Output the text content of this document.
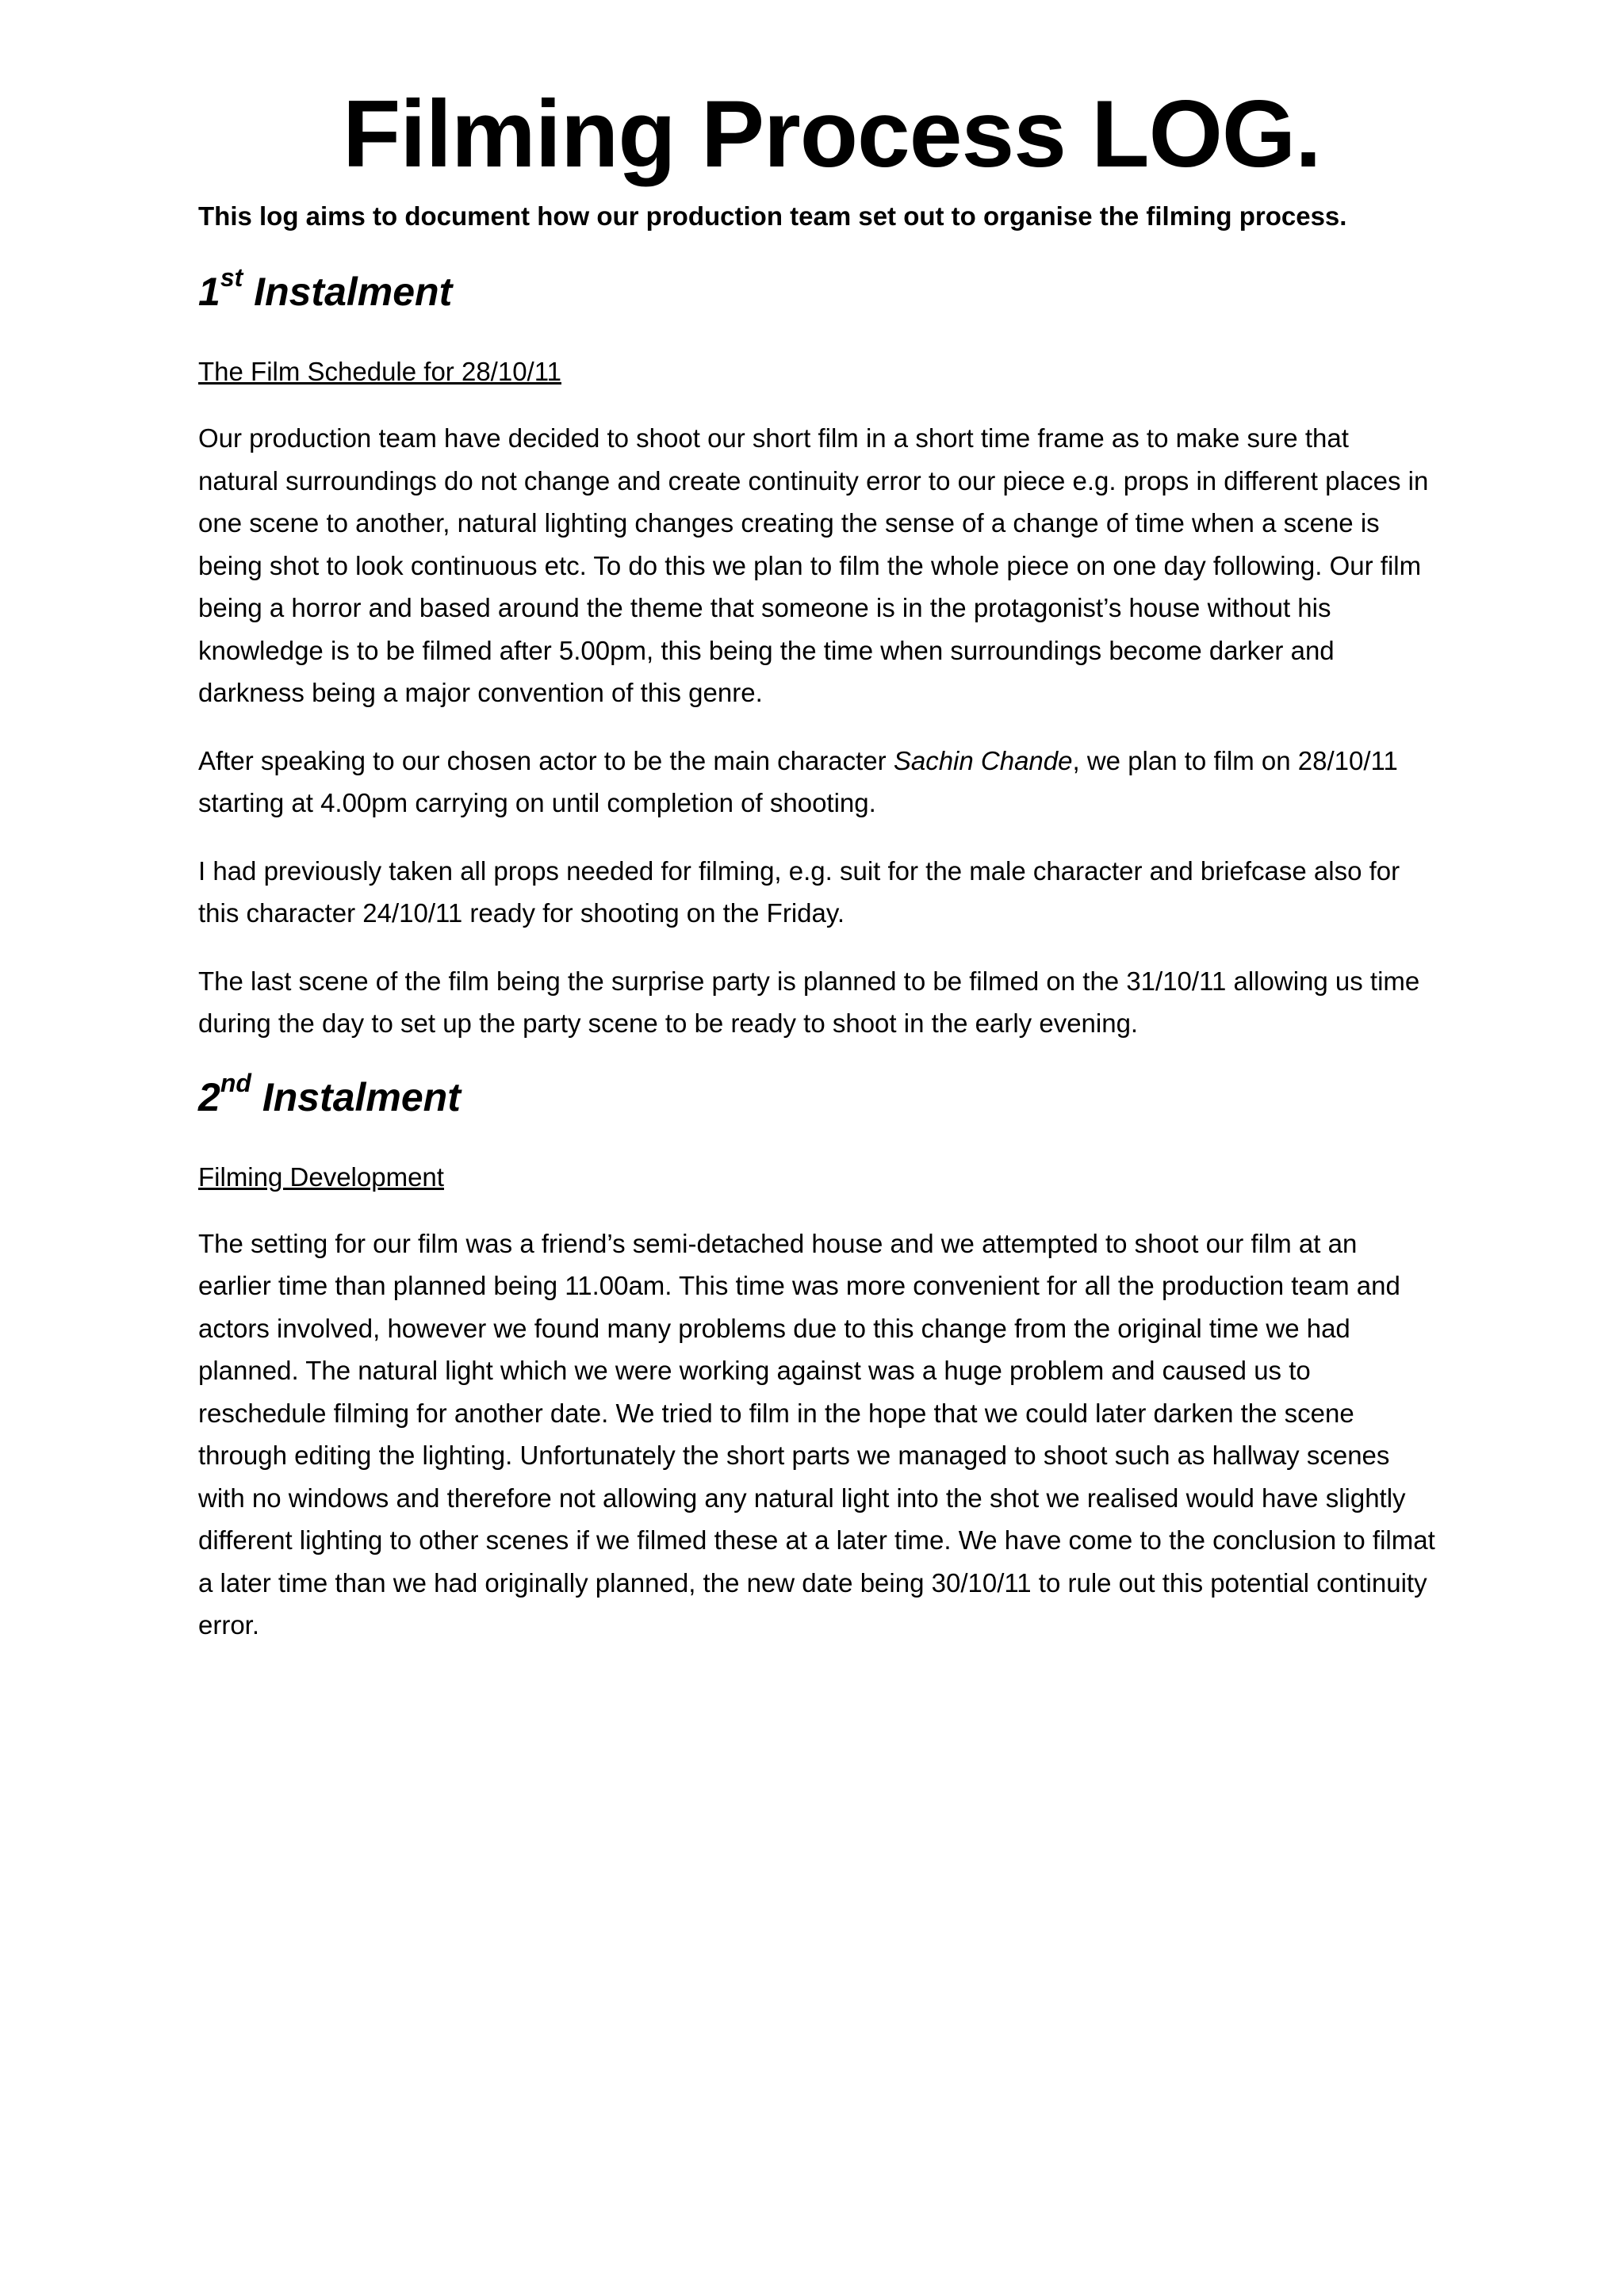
Filming Process LOG.

This log aims to document how our production team set out to organise the filming process.

1st Instalment

The Film Schedule for 28/10/11

Our production team have decided to shoot our short film in a short time frame as to make sure that natural surroundings do not change and create continuity error to our piece e.g. props in different places in one scene to another, natural lighting changes creating the sense of a change of time when a scene is being shot to look continuous etc. To do this we plan to film the whole piece on one day following. Our film being a horror and based around the theme that someone is in the protagonist’s house without his knowledge is to be filmed after 5.00pm, this being the time when surroundings become darker and darkness being a major convention of this genre.

After speaking to our chosen actor to be the main character Sachin Chande, we plan to film on 28/10/11 starting at 4.00pm carrying on until completion of shooting.

I had previously taken all props needed for filming, e.g. suit for the male character and briefcase also for this character 24/10/11 ready for shooting on the Friday.

The last scene of the film being the surprise party is planned to be filmed on the 31/10/11 allowing us time during the day to set up the party scene to be ready to shoot in the early evening.

2nd Instalment

Filming Development

The setting for our film was a friend’s semi-detached house and we attempted to shoot our film at an earlier time than planned being 11.00am. This time was more convenient for all the production team and actors involved, however we found many problems due to this change from the original time we had planned. The natural light which we were working against was a huge problem and caused us to reschedule filming for another date. We tried to film in the hope that we could later darken the scene through editing the lighting. Unfortunately the short parts we managed to shoot such as hallway scenes with no windows and therefore not allowing any natural light into the shot we realised would have slightly different lighting to other scenes if we filmed these at a later time. We have come to the conclusion to filmat a later time than we had originally planned, the new date being 30/10/11 to rule out this potential continuity error.
